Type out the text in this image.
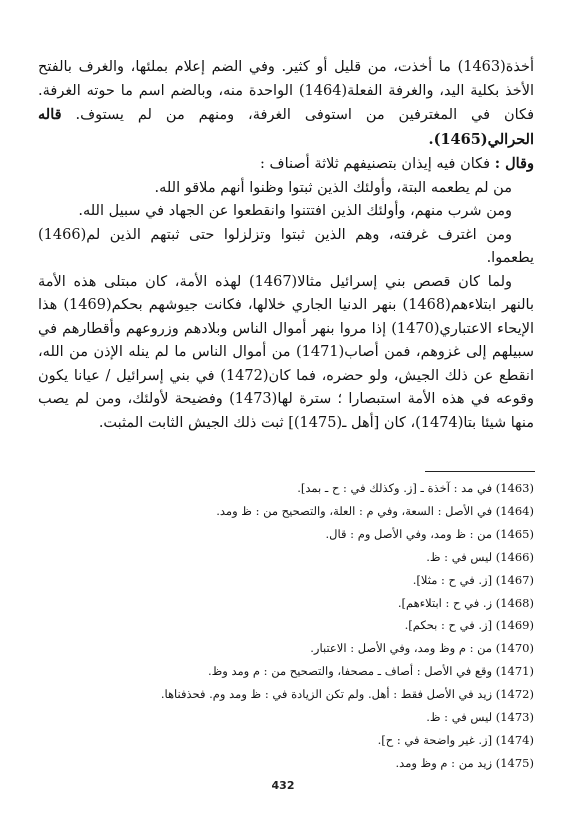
أخذة(1463) ما أخذت، من قليل أو كثير. وفي الضم إعلام بملئها، والغرف بالفتح الأخذ بكلية اليد، والغرفة الفعلة(1464) الواحدة منه، وبالضم اسم ما حوته الغرفة. فكان في المغترفين من استوفى الغرفة، ومنهم من لم يستوف. قاله الحرالي(1465).

وقال : فكان فيه إيذان بتصنيفهم ثلاثة أصناف :

من لم يطعمه البتة، وأولئك الذين ثبتوا وظنوا أنهم ملاقو الله.

ومن شرب منهم، وأولئك الذين افتتنوا وانقطعوا عن الجهاد في سبيل الله.

ومن اغترف غرفته، وهم الذين ثبتوا وتزلزلوا حتى ثبتهم الذين لم(1466) يطعموا.

ولما كان قصص بني إسرائيل مثالا(1467) لهذه الأمة، كان مبتلى هذه الأمة بالنهر ابتلاءهم(1468) بنهر الدنيا الجاري خلالها، فكانت جيوشهم بحكم(1469) هذا الإيحاء الاعتباري(1470) إذا مروا بنهر أموال الناس وبلادهم وزروعهم وأقطارهم في سبيلهم إلى غزوهم، فمن أصاب(1471) من أموال الناس ما لم ينله الإذن من الله، انقطع عن ذلك الجيش، ولو حضره، فما كان(1472) في بني إسرائيل / عيانا يكون وقوعه في هذه الأمة استبصارا ؛ سترة لها(1473) وفضيحة لأولئك، ومن لم يصب منها شيئا بتا(1474)، كان [أهل ـ(1475)] ثبت ذلك الجيش الثابت المثبت.

(1463) في مد : آخذة ـ [ز. وكذلك في : ح ـ بمد].

(1464) في الأصل : السعة، وفي م : العلة، والتصحيح من : ظ ومد.

(1465) من : ظ ومد، وفي الأصل وم : قال.

(1466) ليس في : ظ.

(1467) [ز. في ح : مثلا].

(1468) ز. في ح : ابتلاءهم].

(1469) [ز. في ح : بحكم].

(1470) من : م وظ ومد، وفي الأصل : الاعتبار.

(1471) وقع في الأصل : أصاف ـ مصحفا، والتصحيح من : م ومد وظ.

(1472) زيد في الأصل فقط : أهل. ولم تكن الزيادة في : ظ ومد وم. فحذفناها.

(1473) ليس في : ظ.

(1474) [ز. غير واضحة في : ح].

(1475) زيد من : م وظ ومد.

432
